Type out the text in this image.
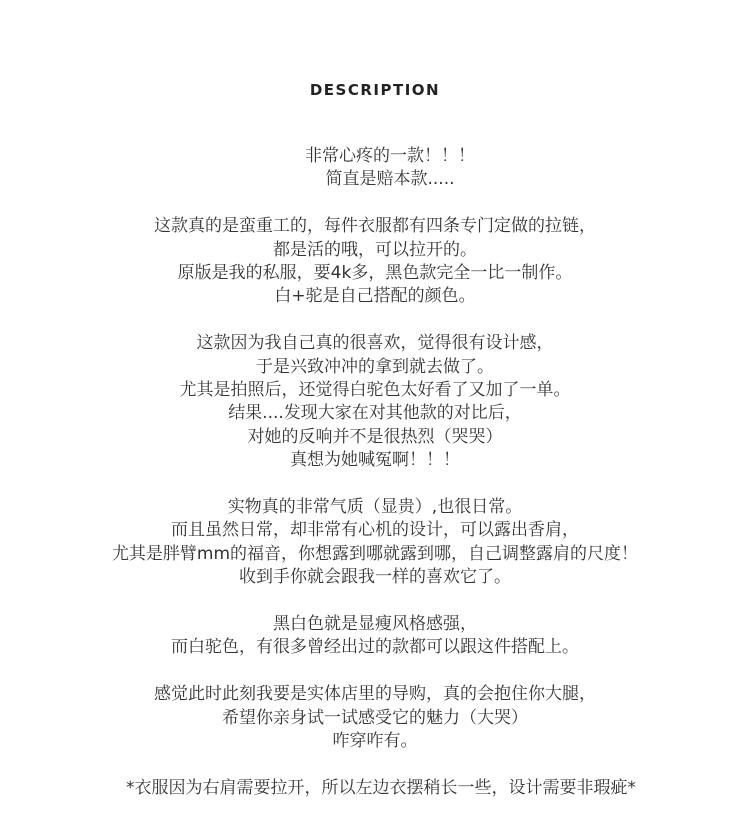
DESCRIPTION
非常心疼的一款！！！
简直是赔本款.....
这款真的是蛮重工的，每件衣服都有四条专门定做的拉链，
都是活的哦，可以拉开的。
原版是我的私服，要4k多，黑色款完全一比一制作。
白+驼是自己搭配的颜色。
这款因为我自己真的很喜欢，觉得很有设计感，
于是兴致冲冲的拿到就去做了。
尤其是拍照后，还觉得白驼色太好看了又加了一单。
结果....发现大家在对其他款的对比后，
对她的反响并不是很热烈（哭哭）
真想为她喊冤啊！！！
实物真的非常气质（显贵）,也很日常。
而且虽然日常，却非常有心机的设计，可以露出香肩，
尤其是胖臂mm的福音，你想露到哪就露到哪，自己调整露肩的尺度！
收到手你就会跟我一样的喜欢它了。
黑白色就是显瘦风格感强，
而白驼色，有很多曾经出过的款都可以跟这件搭配上。
感觉此时此刻我要是实体店里的导购，真的会抱住你大腿，
希望你亲身试一试感受它的魅力（大哭）
咋穿咋有。
*衣服因为右肩需要拉开，所以左边衣摆稍长一些，设计需要非瑕疵*
